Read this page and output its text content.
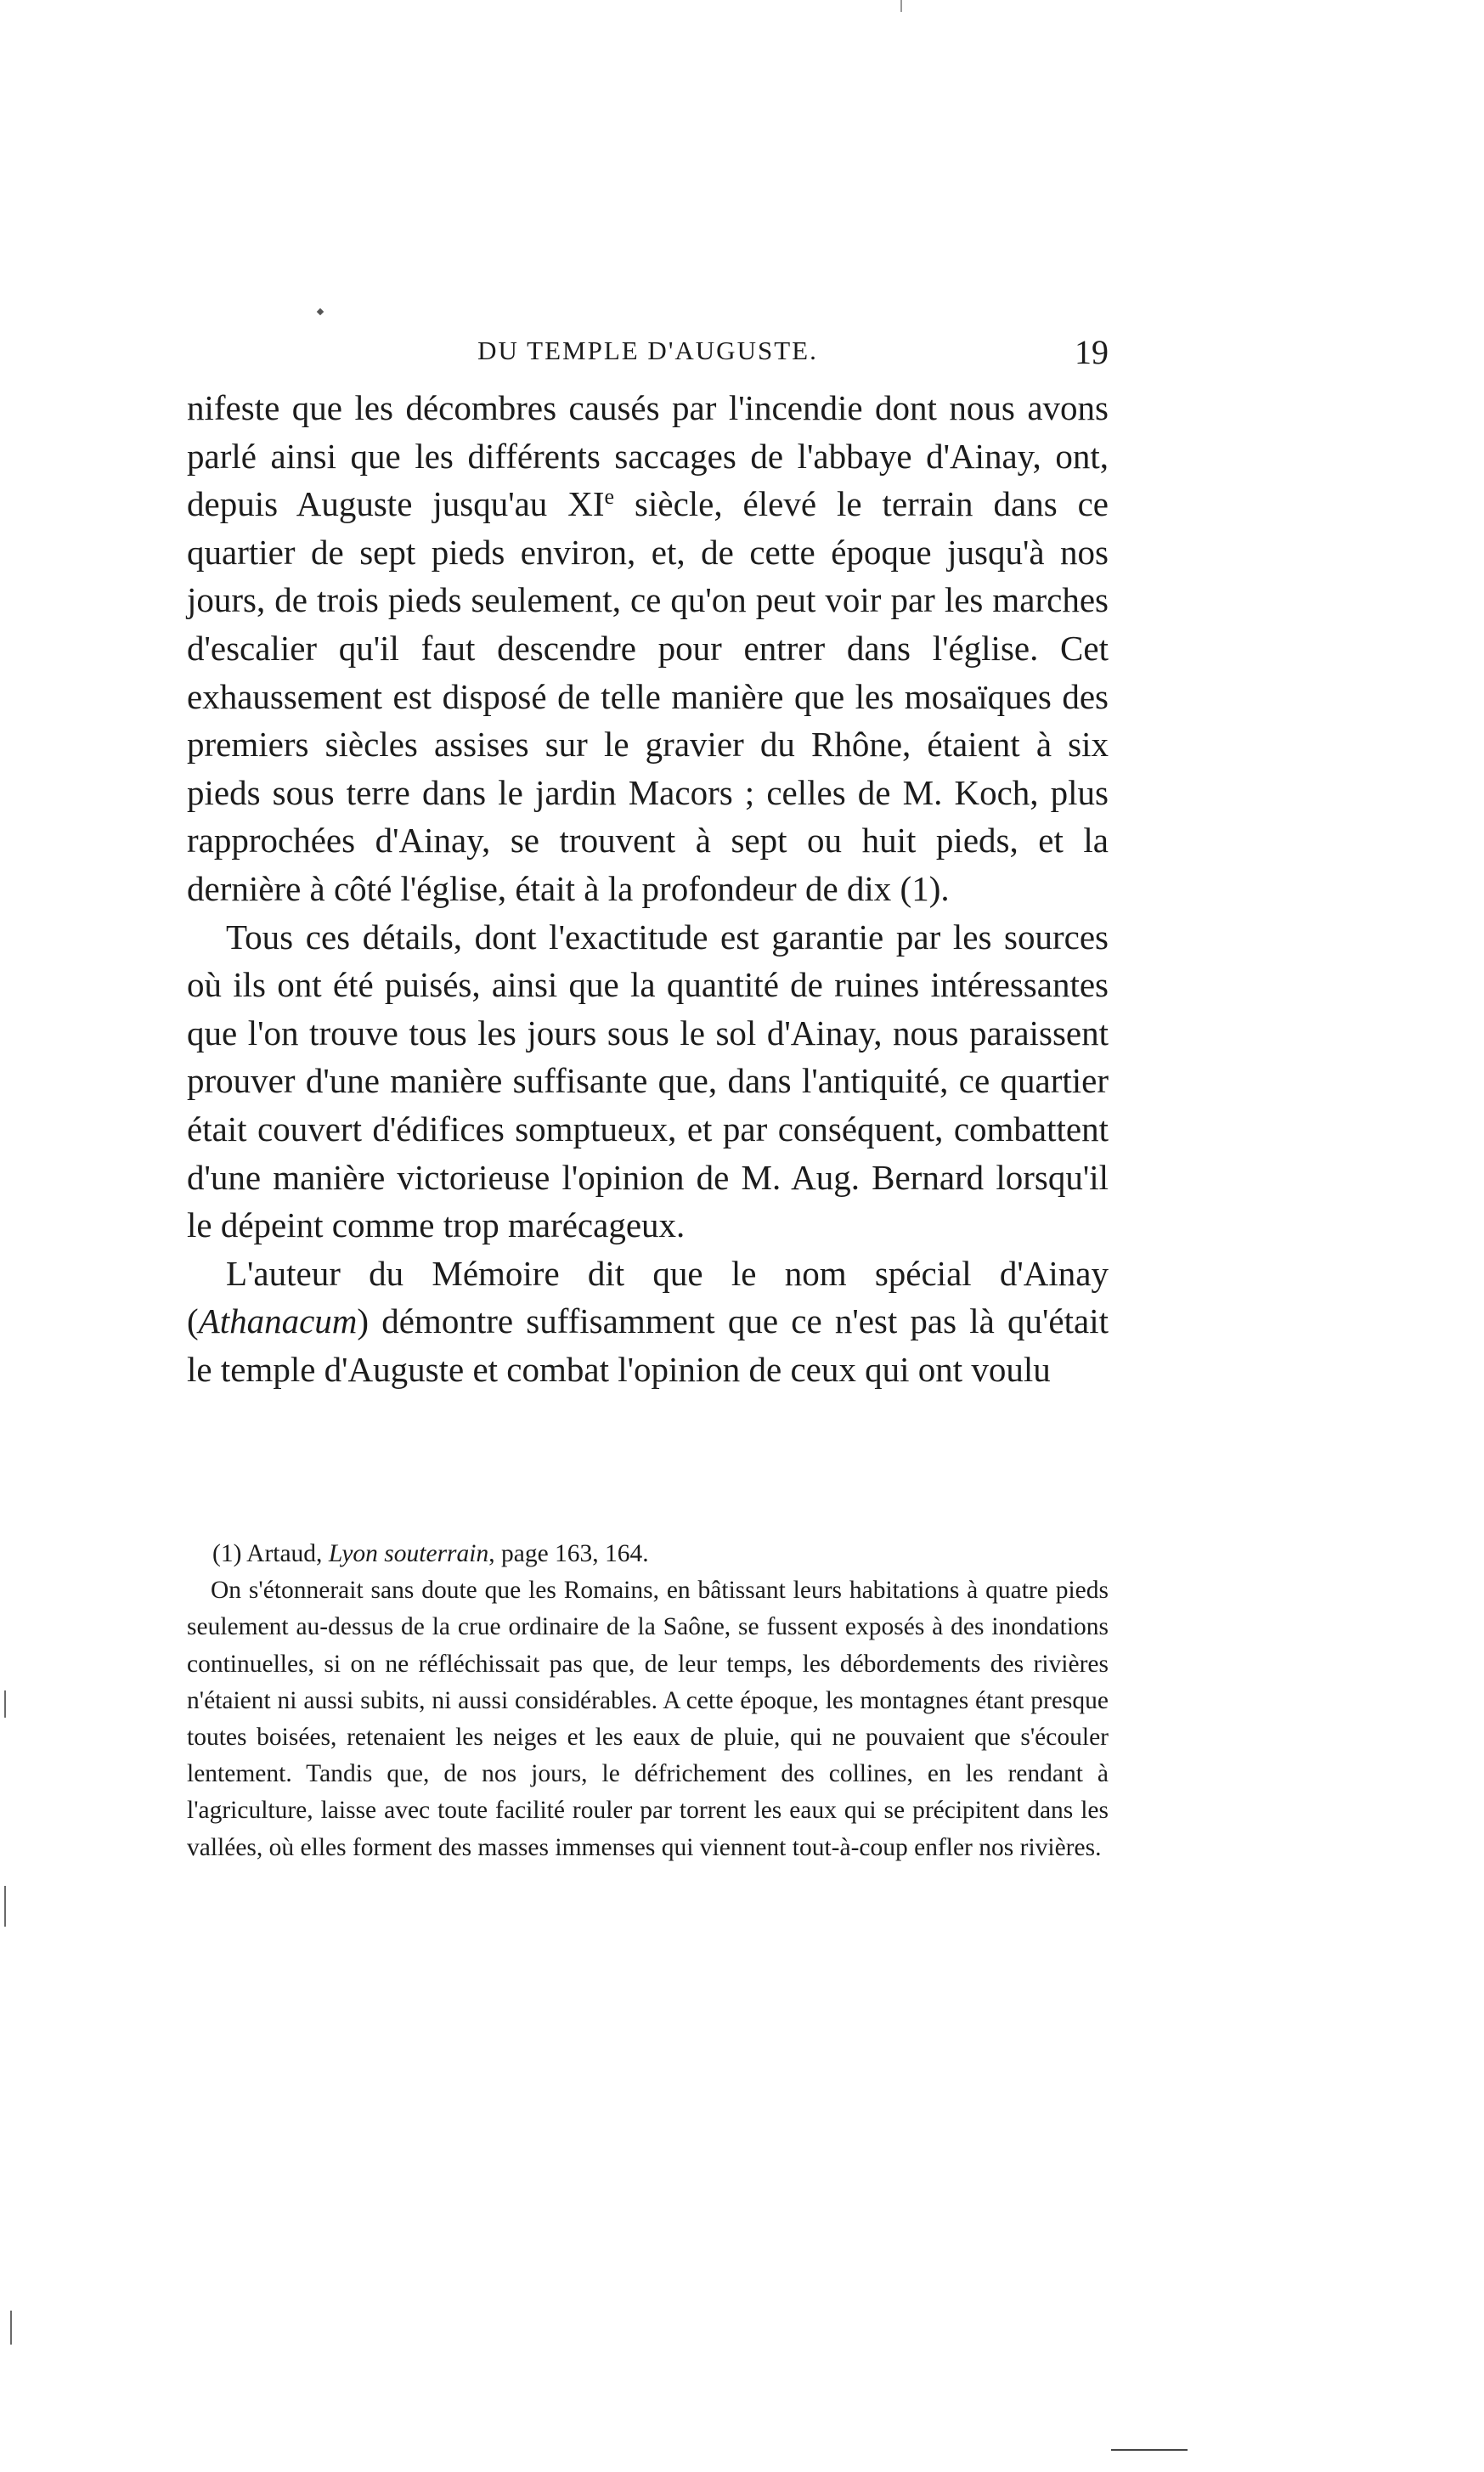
DU TEMPLE D'AUGUSTE.	19

nifeste que les décombres causés par l'incendie dont nous avons parlé ainsi que les différents saccages de l'abbaye d'Ainay, ont, depuis Auguste jusqu'au XIe siècle, élevé le terrain dans ce quartier de sept pieds environ, et, de cette époque jusqu'à nos jours, de trois pieds seulement, ce qu'on peut voir par les marches d'escalier qu'il faut descendre pour entrer dans l'église. Cet exhaussement est disposé de telle manière que les mosaïques des premiers siècles assises sur le gravier du Rhône, étaient à six pieds sous terre dans le jardin Macors ; celles de M. Koch, plus rapprochées d'Ainay, se trouvent à sept ou huit pieds, et la dernière à côté l'église, était à la profondeur de dix (1).

Tous ces détails, dont l'exactitude est garantie par les sources où ils ont été puisés, ainsi que la quantité de ruines intéressantes que l'on trouve tous les jours sous le sol d'Ainay, nous paraissent prouver d'une manière suffisante que, dans l'antiquité, ce quartier était couvert d'édifices somptueux, et par conséquent, combattent d'une manière victorieuse l'opinion de M. Aug. Bernard lorsqu'il le dépeint comme trop marécageux.

L'auteur du Mémoire dit que le nom spécial d'Ainay (Athanacum) démontre suffisamment que ce n'est pas là qu'était le temple d'Auguste et combat l'opinion de ceux qui ont voulu

(1) Artaud, Lyon souterrain, page 163, 164.

On s'étonnerait sans doute que les Romains, en bâtissant leurs habitations à quatre pieds seulement au-dessus de la crue ordinaire de la Saône, se fussent exposés à des inondations continuelles, si on ne réfléchissait pas que, de leur temps, les débordements des rivières n'étaient ni aussi subits, ni aussi considérables. A cette époque, les montagnes étant presque toutes boisées, retenaient les neiges et les eaux de pluie, qui ne pouvaient que s'écouler lentement. Tandis que, de nos jours, le défrichement des collines, en les rendant à l'agriculture, laisse avec toute facilité rouler par torrent les eaux qui se précipitent dans les vallées, où elles forment des masses immenses qui viennent tout-à-coup enfler nos rivières.
